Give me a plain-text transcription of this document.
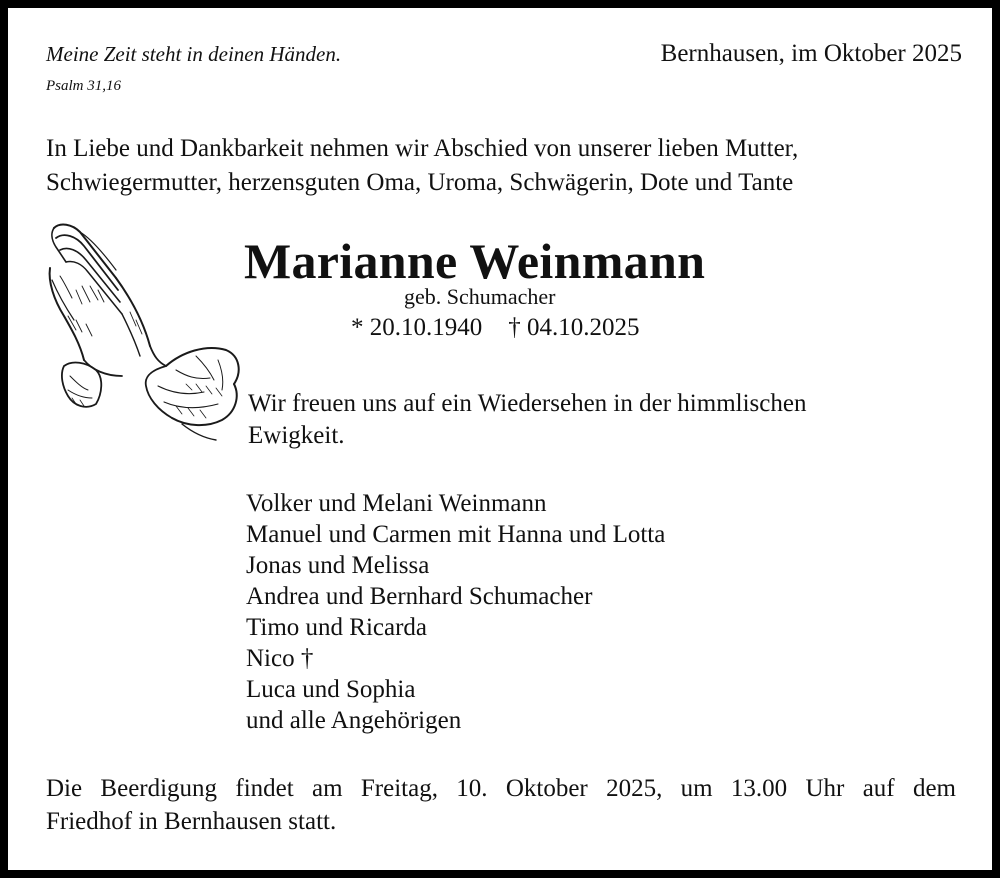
Meine Zeit steht in deinen Händen.
Psalm 31,16
Bernhausen, im Oktober 2025
In Liebe und Dankbarkeit nehmen wir Abschied von unserer lieben Mutter,
Schwiegermutter, herzensguten Oma, Uroma, Schwägerin, Dote und Tante
Marianne Weinmann
geb. Schumacher
* 20.10.1940 † 04.10.2025
Wir freuen uns auf ein Wiedersehen in der himmlischen
Ewigkeit.
Volker und Melani Weinmann
Manuel und Carmen mit Hanna und Lotta
Jonas und Melissa
Andrea und Bernhard Schumacher
Timo und Ricarda
Nico †
Luca und Sophia
und alle Angehörigen
Die Beerdigung findet am Freitag, 10. Oktober 2025, um 13.00 Uhr auf dem
Friedhof in Bernhausen statt.
